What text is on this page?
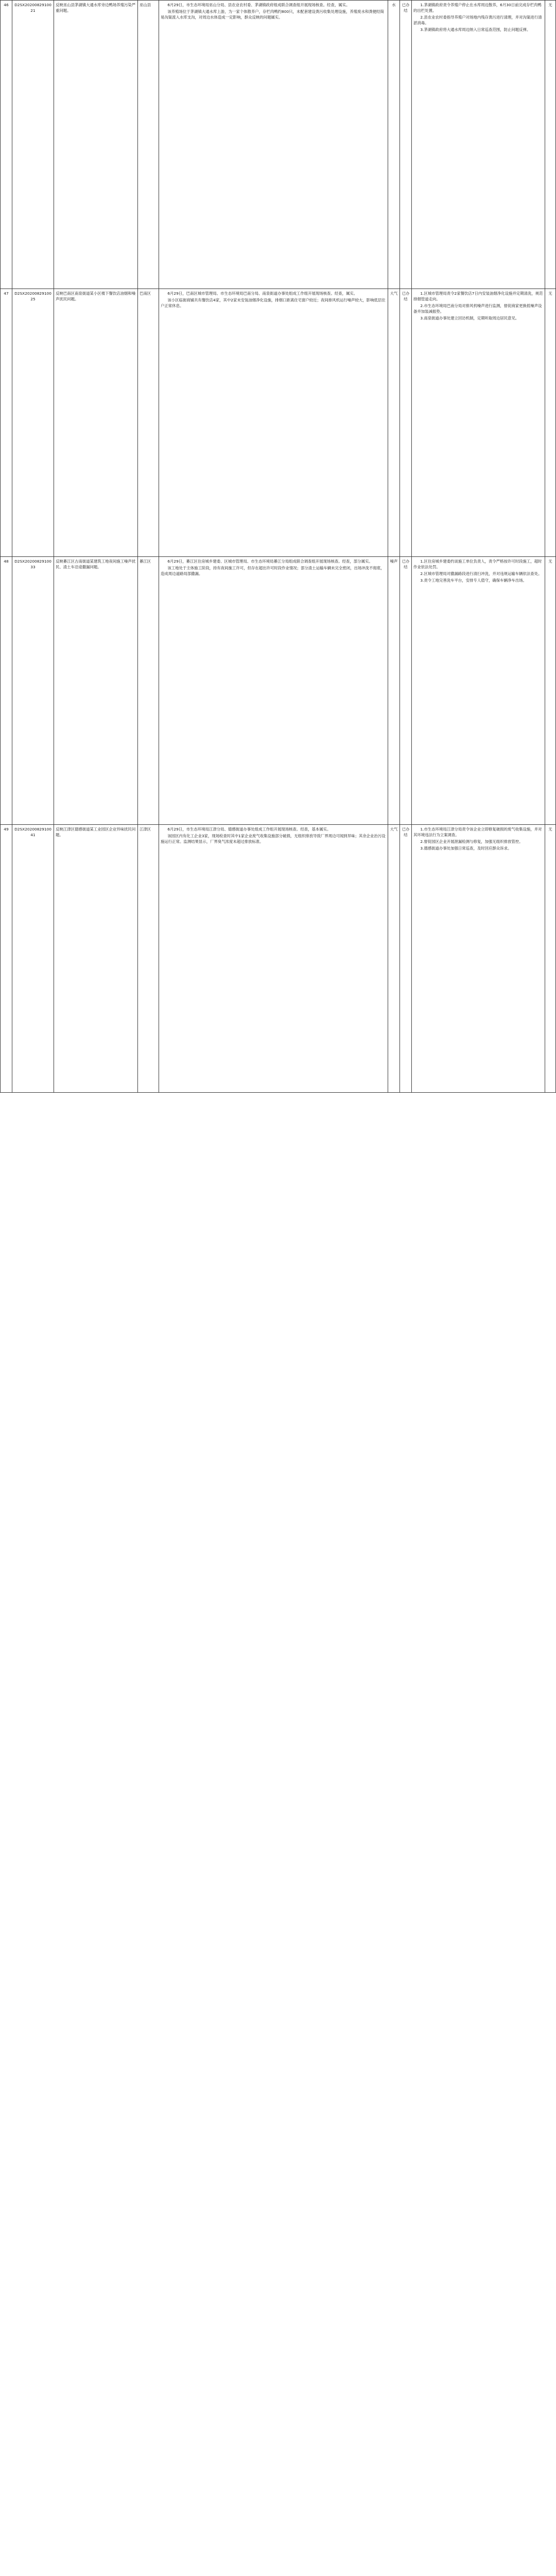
46	D2SX2020082910021	反映巫山县茅湖镇大通水库旁边鸭场养殖污染严重问题。	巫山县	6月29日，市生态环境局巫山分局、县农业农村委、茅湖镇政府组成联合调查组开展现场核查。经查，属实。
该养殖场位于茅湖镇大通水库上游，为一家个体散养户，存栏肉鸭约800只，未配套建设粪污收集处理设施，养殖废水和粪便经简易沟渠流入水库支沟，对周边水体造成一定影响，群众反映的问题属实。	水	已办结	1.茅湖镇政府责令养殖户停止在水库周边散养，6月30日前完成存栏肉鸭的出栏处置。
2.县农业农村委指导养殖户对场地内残存粪污进行清理，并对沟渠进行清淤消毒。
3.茅湖镇政府将大通水库周边纳入日常巡查范围，防止问题反弹。	无			

47	D2SX2020082910025	反映巴南区南泉街道某小区楼下餐饮店油烟和噪声扰民问题。	巴南区	6月29日，巴南区城市管理局、市生态环境局巴南分局、南泉街道办事处组成工作组开展现场核查。经查，属实。
该小区临街商铺共有餐饮店4家，其中2家未安装油烟净化设施，排烟口距离住宅窗户较近；夜间排风机运行噪声较大，影响低层住户正常休息。	大气	已办结	1.区城市管理局责令2家餐饮店7日内安装油烟净化设施并定期清洗，规范排烟管道走向。
2.市生态环境局巴南分局对排风机噪声进行监测，督促商家更换低噪声设备并加装减振垫。
3.南泉街道办事处建立回访机制，定期听取周边居民意见。	无			

48	D2SX2020082910033	反映綦江区古南街道某建筑工地夜间施工噪声扰民、渣土车沿途撒漏问题。	綦江区	6月29日，綦江区住房城乡建委、区城市管理局、市生态环境局綦江分局组成联合调查组开展现场核查。经查，部分属实。
该工地处于主体施工阶段，持有夜间施工许可，但存在超出许可时段作业情况；部分渣土运输车辆未完全密闭，出场冲洗不彻底，造成周边道路局部撒漏。	噪声	已办结	1.区住房城乡建委约谈施工单位负责人，责令严格按许可时段施工，超时作业依法处罚。
2.区城市管理局对撒漏路段进行清扫冲洗，并对违规运输车辆依法查处。
3.责令工地完善洗车平台，安排专人值守，确保车辆净车出场。	无			

49	D2SX2020082910041	反映江津区德感街道某工业园区企业异味扰民问题。	江津区	6月29日，市生态环境局江津分局、德感街道办事处组成工作组开展现场核查。经查，基本属实。
该园区内有化工企业3家，现场检查时其中1家企业废气收集设施部分破损，无组织排放导致厂界周边可闻到异味；其余企业治污设施运行正常。监测结果显示，厂界臭气浓度未超过排放标准。	大气	已办结	1.市生态环境局江津分局责令该企业立即修复破损的废气收集设施，并对其环境违法行为立案调查。
2.督促园区企业开展泄漏检测与修复，加强无组织排放管控。
3.德感街道办事处加强日常巡查，及时回应群众诉求。	无			
